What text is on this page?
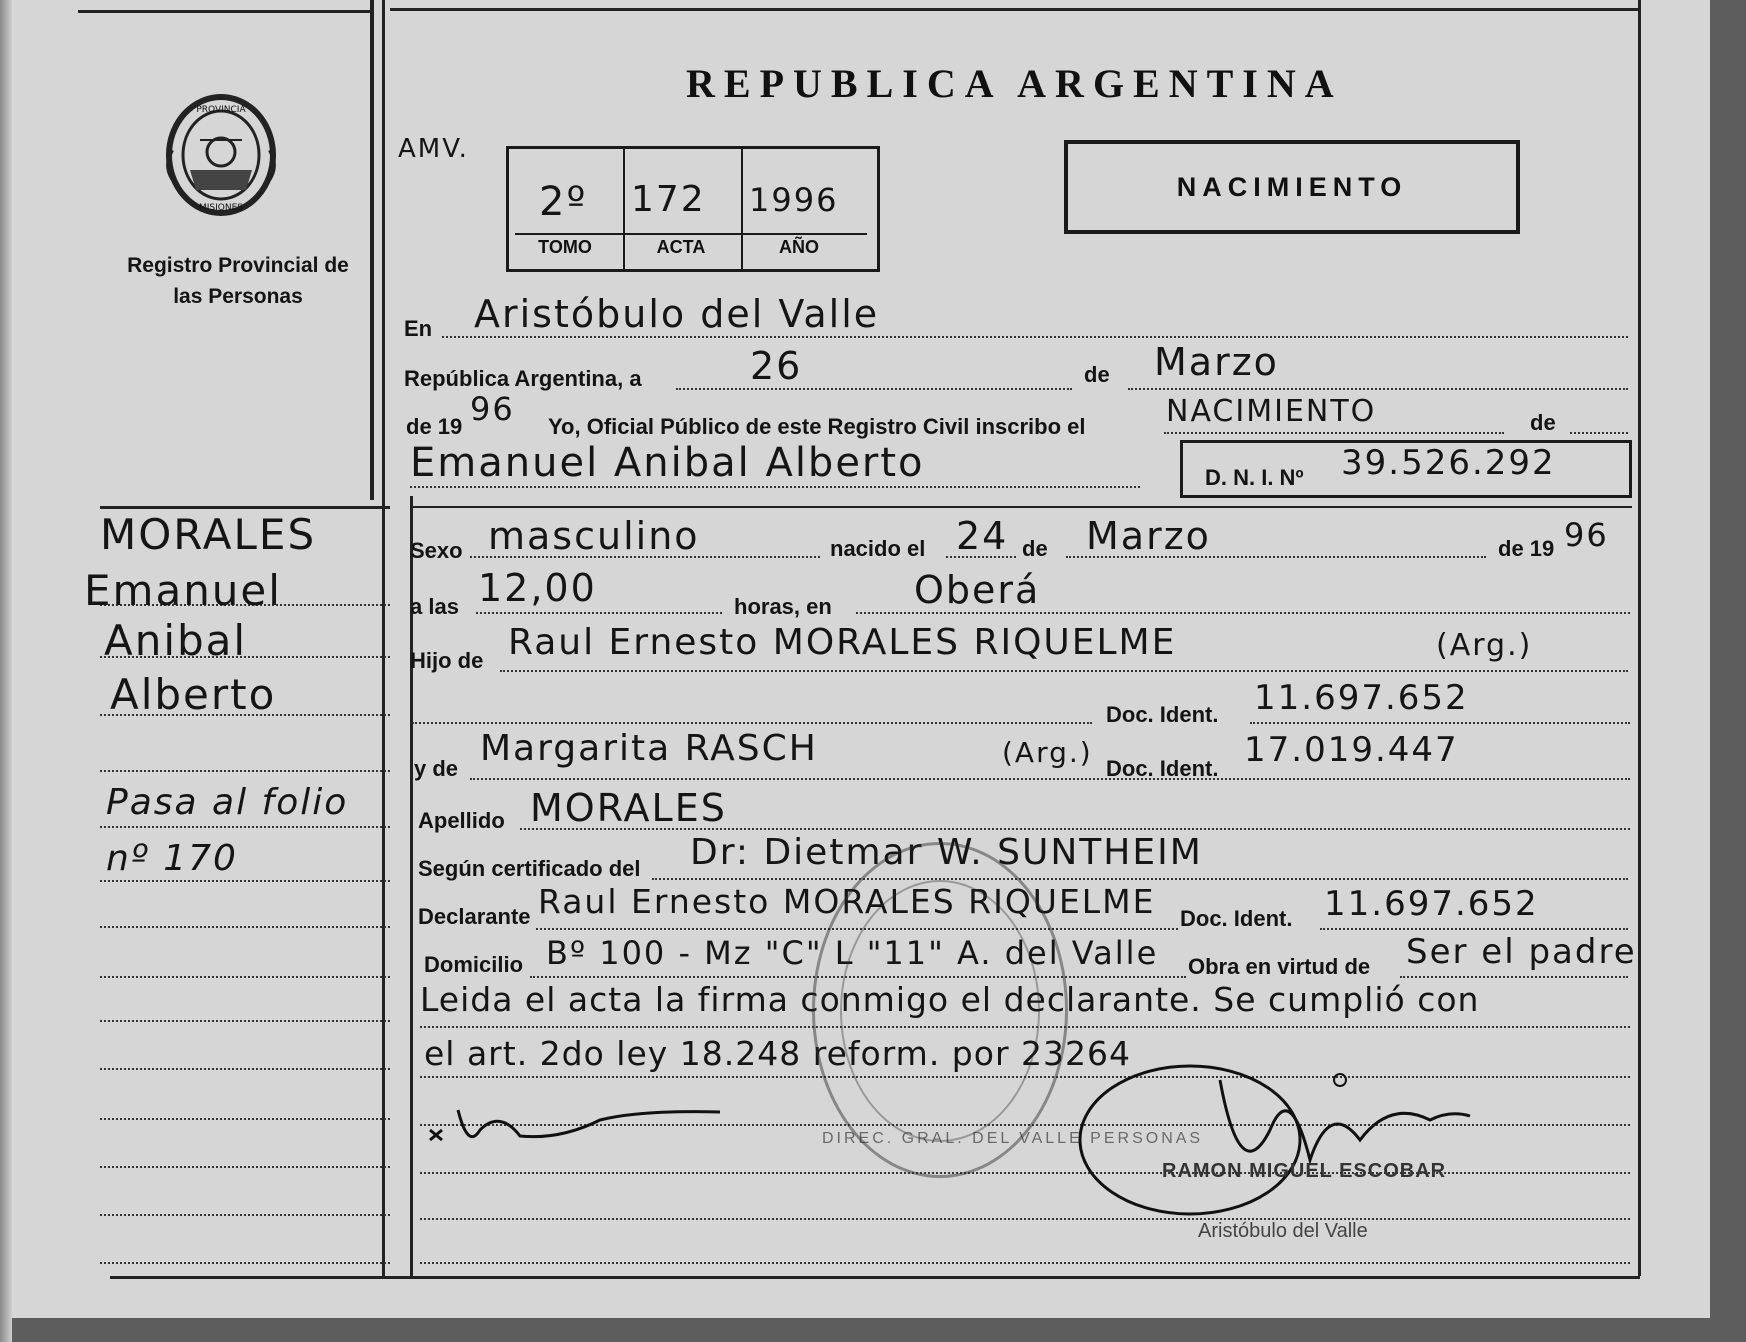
PROVINCIA
MISIONES
Registro Provincial de las Personas
REPUBLICA ARGENTINA
AMV.
2º 172 1996
TOMO	ACTA	AÑO
NACIMIENTO
En Aristóbulo del Valle
República Argentina, a	26	de Marzo
de 19 96 Yo, Oficial Público de este Registro Civil inscribo el	NACIMIENTO	de
Emanuel Anibal Alberto	D. N. I. Nº 39.526.292
MORALES
Emanuel
Anibal
Alberto
Pasa al folio
nº 170
Sexo masculino	nacido el 24 de Marzo	de 19 96
a las 12,00	horas, en Oberá
Hijo de Raul Ernesto MORALES RIQUELME	(Arg.)
Doc. Ident. 11.697.652
y de Margarita RASCH	(Arg.) Doc. Ident. 17.019.447
Apellido MORALES
Según certificado del Dr: Dietmar W. SUNTHEIM
Declarante Raul Ernesto MORALES RIQUELME Doc. Ident. 11.697.652
Domicilio Bº 100 - Mz "C" L "11" A. del Valle Obra en virtud de Ser el padre
Leida el acta la firma conmigo el declarante. Se cumplió con
el art. 2do ley 18.248 reform. por 23264
DIREC. GRAL. DEL VALLE PERSONAS
RAMON MIGUEL ESCOBAR
Aristóbulo del Valle
